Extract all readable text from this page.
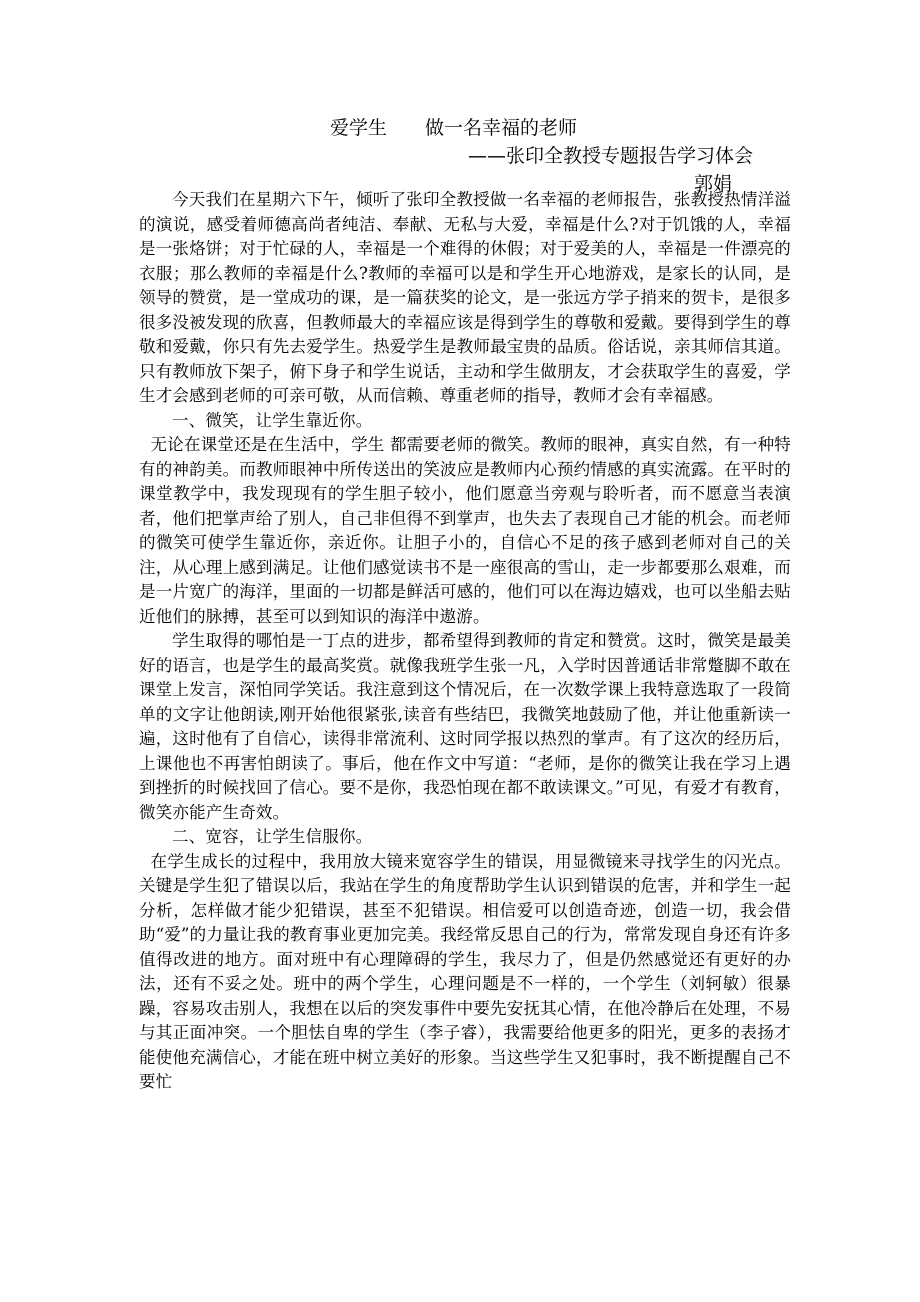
爱学生　　做一名幸福的老师
——张印全教授专题报告学习体会
郭娟

今天我们在星期六下午，倾听了张印全教授做一名幸福的老师报告，张教授热情洋溢的演说，感受着师德高尚者纯洁、奉献、无私与大爱，幸福是什么?对于饥饿的人，幸福是一张烙饼；对于忙碌的人，幸福是一个难得的休假；对于爱美的人，幸福是一件漂亮的衣服；那么教师的幸福是什么?教师的幸福可以是和学生开心地游戏，是家长的认同，是领导的赞赏，是一堂成功的课，是一篇获奖的论文，是一张远方学子捎来的贺卡，是很多很多没被发现的欣喜，但教师最大的幸福应该是得到学生的尊敬和爱戴。要得到学生的尊敬和爱戴，你只有先去爱学生。热爱学生是教师最宝贵的品质。俗话说，亲其师信其道。只有教师放下架子，俯下身子和学生说话，主动和学生做朋友，才会获取学生的喜爱，学生才会感到老师的可亲可敬，从而信赖、尊重老师的指导，教师才会有幸福感。

一、微笑，让学生靠近你。

无论在课堂还是在生活中，学生 都需要老师的微笑。教师的眼神，真实自然，有一种特有的神韵美。而教师眼神中所传送出的笑波应是教师内心预约情感的真实流露。在平时的课堂教学中，我发现现有的学生胆子较小，他们愿意当旁观与聆听者，而不愿意当表演者，他们把掌声给了别人，自己非但得不到掌声，也失去了表现自己才能的机会。而老师的微笑可使学生靠近你，亲近你。让胆子小的，自信心不足的孩子感到老师对自己的关注，从心理上感到满足。让他们感觉读书不是一座很高的雪山，走一步都要那么艰难，而是一片宽广的海洋，里面的一切都是鲜活可感的，他们可以在海边嬉戏，也可以坐船去贴近他们的脉搏，甚至可以到知识的海洋中遨游。

学生取得的哪怕是一丁点的进步，都希望得到教师的肯定和赞赏。这时，微笑是最美好的语言，也是学生的最高奖赏。就像我班学生张一凡，入学时因普通话非常蹩脚不敢在课堂上发言，深怕同学笑话。我注意到这个情况后，在一次数学课上我特意选取了一段简单的文字让他朗读,刚开始他很紧张,读音有些结巴，我微笑地鼓励了他，并让他重新读一遍，这时他有了自信心，读得非常流利、这时同学报以热烈的掌声。有了这次的经历后，上课他也不再害怕朗读了。事后，他在作文中写道：“老师，是你的微笑让我在学习上遇到挫折的时候找回了信心。要不是你，我恐怕现在都不敢读课文。”可见，有爱才有教育，微笑亦能产生奇效。

二、宽容，让学生信服你。

在学生成长的过程中，我用放大镜来宽容学生的错误，用显微镜来寻找学生的闪光点。关键是学生犯了错误以后，我站在学生的角度帮助学生认识到错误的危害，并和学生一起分析，怎样做才能少犯错误，甚至不犯错误。相信爱可以创造奇迹，创造一切，我会借助“爱”的力量让我的教育事业更加完美。我经常反思自己的行为，常常发现自身还有许多值得改进的地方。面对班中有心理障碍的学生，我尽力了，但是仍然感觉还有更好的办法，还有不妥之处。班中的两个学生，心理问题是不一样的，一个学生（刘轲敏）很暴躁，容易攻击别人，我想在以后的突发事件中要先安抚其心情，在他冷静后在处理，不易与其正面冲突。一个胆怯自卑的学生（李子睿），我需要给他更多的阳光，更多的表扬才能使他充满信心，才能在班中树立美好的形象。当这些学生又犯事时，我不断提醒自己不要忙
